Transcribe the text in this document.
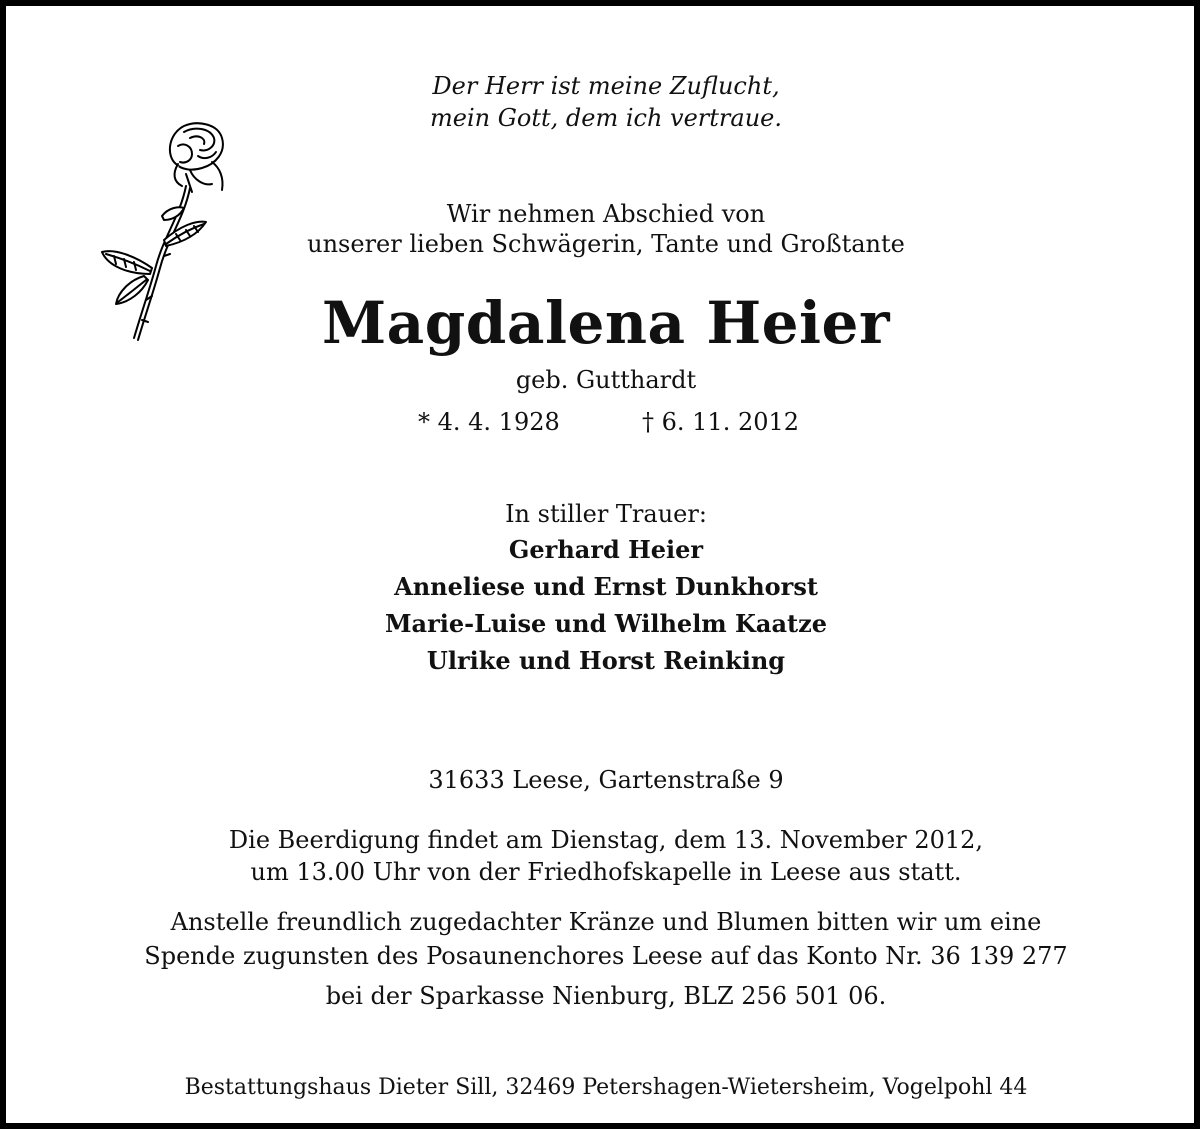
Der Herr ist meine Zuflucht,
mein Gott, dem ich vertraue.
Wir nehmen Abschied von
unserer lieben Schwägerin, Tante und Großtante
Magdalena Heier
geb. Gutthardt
* 4. 4. 1928	† 6. 11. 2012
In stiller Trauer:
Gerhard Heier
Anneliese und Ernst Dunkhorst
Marie-Luise und Wilhelm Kaatze
Ulrike und Horst Reinking
31633 Leese, Gartenstraße 9
Die Beerdigung findet am Dienstag, dem 13. November 2012,
um 13.00 Uhr von der Friedhofskapelle in Leese aus statt.
Anstelle freundlich zugedachter Kränze und Blumen bitten wir um eine
Spende zugunsten des Posaunenchores Leese auf das Konto Nr. 36 139 277
bei der Sparkasse Nienburg, BLZ 256 501 06.
Bestattungshaus Dieter Sill, 32469 Petershagen-Wietersheim, Vogelpohl 44
